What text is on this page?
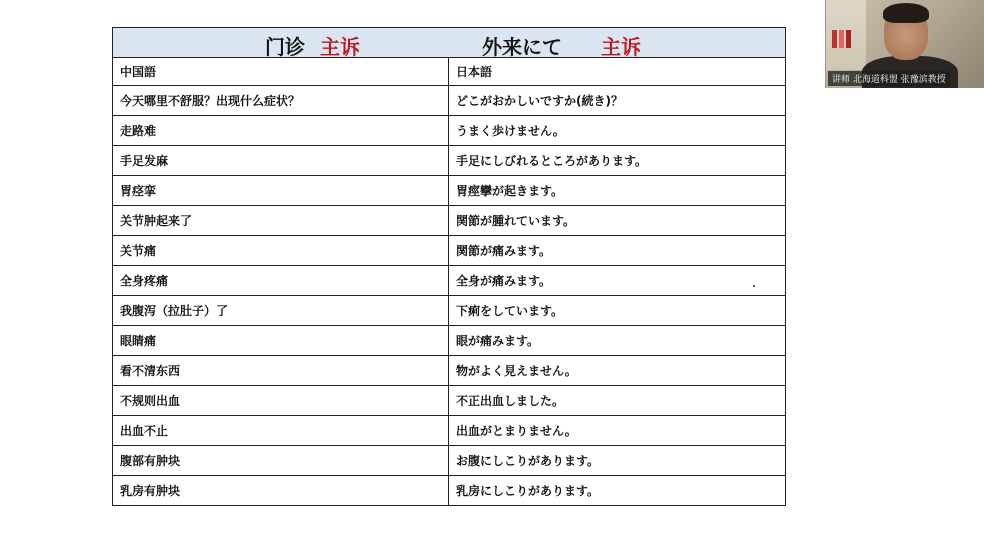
门诊 主诉 外来にて 主诉	

中国語	日本語
今天哪里不舒服？出现什么症状？	どこがおかしいですか(続き)？
走路难	うまく歩けません。
手足发麻	手足にしびれるところがあります。
胃痉挛	胃痙攣が起きます。
关节肿起来了	関節が腫れています。
关节痛	関節が痛みます。
全身疼痛	全身が痛みます。
我腹泻（拉肚子）了	下痢をしています。
眼睛痛	眼が痛みます。
看不清东西	物がよく見えません。
不规则出血	不正出血しました。
出血不止	出血がとまりません。
腹部有肿块	お腹にしこりがあります。
乳房有肿块	乳房にしこりがあります。
讲师 北海道科盟 张豫滨教授
